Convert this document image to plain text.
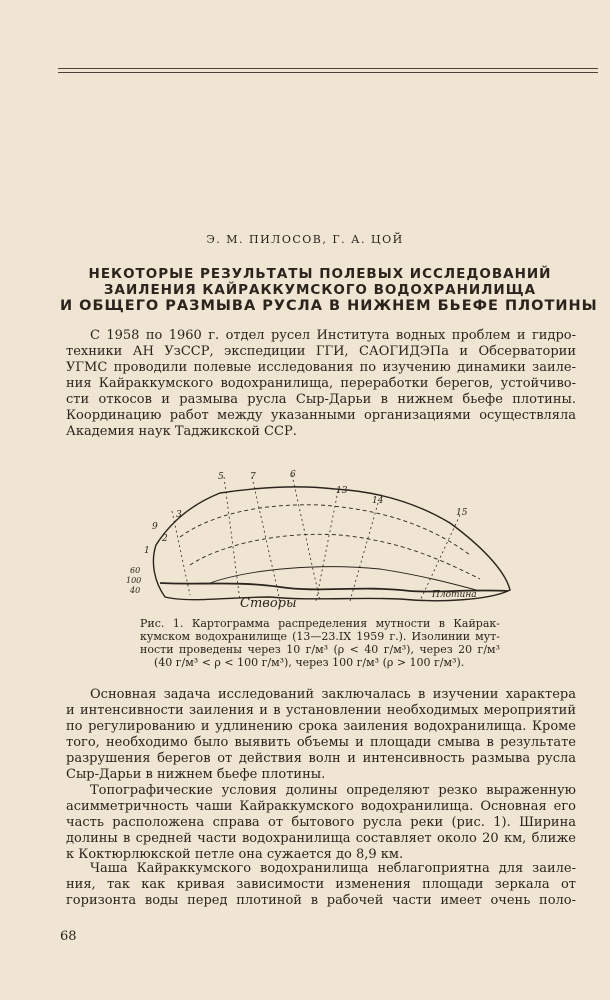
Э. М. ПИЛОСОВ, Г. А. ЦОЙ
НЕКОТОРЫЕ РЕЗУЛЬТАТЫ ПОЛЕВЫХ ИССЛЕДОВАНИЙ
ЗАИЛЕНИЯ КАЙРАККУМСКОГО ВОДОХРАНИЛИЩА
И ОБЩЕГО РАЗМЫВА РУСЛА В НИЖНЕМ БЬЕФЕ ПЛОТИНЫ
С 1958 по 1960 г. отдел русел Института водных проблем и гидро-
техники АН УзССР, экспедиции ГГИ, САОГИДЭПа и Обсерватории
УГМС проводили полевые исследования по изучению динамики заиле-
ния Кайраккумского водохранилища, переработки берегов, устойчиво-
сти откосов и размыва русла Сыр-Дарьи в нижнем бьефе плотины.
Координацию работ между указанными организациями осуществляла
Академия наук Таджикской ССР.
5	7	6
13
14
15
9
3
2
1
60
100
40
Створы
Плотина
Рис. 1. Картограмма распределения мутности в Кайрак-
кумском водохранилище (13—23.IX 1959 г.). Изолинии мут-
ности проведены через 10 г/м³ (ρ < 40 г/м³), через 20 г/м³
(40 г/м³ < ρ < 100 г/м³), через 100 г/м³ (ρ > 100 г/м³).
Основная задача исследований заключалась в изучении характера
и интенсивности заиления и в установлении необходимых мероприятий
по регулированию и удлинению срока заиления водохранилища. Кроме
того, необходимо было выявить объемы и площади смыва в результате
разрушения берегов от действия волн и интенсивность размыва русла
Сыр-Дарьи в нижнем бьефе плотины.
Топографические условия долины определяют резко выраженную
асимметричность чаши Кайраккумского водохранилища. Основная его
часть расположена справа от бытового русла реки (рис. 1). Ширина
долины в средней части водохранилища составляет около 20 км, ближе
к Коктюрлюкской петле она сужается до 8,9 км.
Чаша Кайраккумского водохранилища неблагоприятна для заиле-
ния, так как кривая зависимости изменения площади зеркала от
горизонта воды перед плотиной в рабочей части имеет очень поло-
68
